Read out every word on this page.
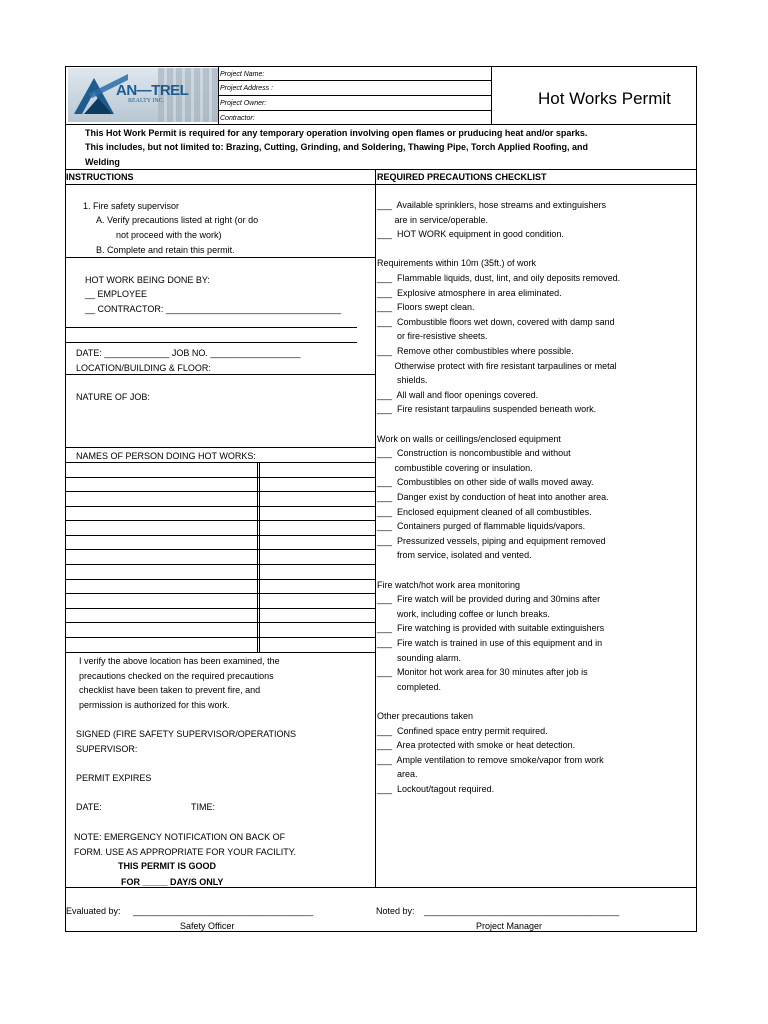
AN—TREL
REALTY INC.
Project Name:
Project Address :
Project Owner:
Contractor:
Hot Works Permit
This Hot Work Permit is required for any temporary operation involving open flames or pruducing heat and/or sparks.
This includes, but not limited to: Brazing, Cutting, Grinding, and Soldering, Thawing Pipe, Torch Applied Roofing, and
Welding
INSTRUCTIONS	REQUIRED PRECAUTIONS CHECKLIST
1. Fire safety supervisor
A. Verify precautions listed at right (or do
not proceed with the work)
B. Complete and retain this permit.
HOT WORK BEING DONE BY:
__ EMPLOYEE
__ CONTRACTOR: ___________________________________
DATE: _____________ JOB NO. __________________
LOCATION/BUILDING & FLOOR:
NATURE OF JOB:
NAMES OF PERSON DOING HOT WORKS:
I verify the above location has been examined, the
precautions checked on the required precautions
checklist have been taken to prevent fire, and
permission is authorized for this work.
SIGNED (FIRE SAFETY SUPERVISOR/OPERATIONS
SUPERVISOR:
PERMIT EXPIRES
DATE:	TIME:
NOTE: EMERGENCY NOTIFICATION ON BACK OF
FORM. USE AS APPROPRIATE FOR YOUR FACILITY.
THIS PERMIT IS GOOD
FOR _____ DAY/S ONLY
___  Available sprinklers, hose streams and extinguishers
are in service/operable.
___  HOT WORK equipment in good condition.
Requirements within 10m (35ft.) of work
___  Flammable liquids, dust, lint, and oily deposits removed.
___  Explosive atmosphere in area eliminated.
___  Floors swept clean.
___  Combustible floors wet down, covered with damp sand
or fire-resistive sheets.
___  Remove other combustibles where possible.
Otherwise protect with fire resistant tarpaulines or metal
shields.
___  All wall and floor openings covered.
___  Fire resistant tarpaulins suspended beneath work.
Work on walls or ceillings/enclosed equipment
___  Construction is noncombustible and without
combustible covering or insulation.
___  Combustibles on other side of walls moved away.
___  Danger exist by conduction of heat into another area.
___  Enclosed equipment cleaned of all combustibles.
___  Containers purged of flammable liquids/vapors.
___  Pressurized vessels, piping and equipment removed
from service, isolated and vented.
Fire watch/hot work area monitoring
___  Fire watch will be provided during and 30mins after
work, including coffee or lunch breaks.
___  Fire watching is provided with suitable extinguishers
___  Fire watch is trained in use of this equipment and in
sounding alarm.
___  Monitor hot work area for 30 minutes after job is
completed.
Other precautions taken
___  Confined space entry permit required.
___  Area protected with smoke or heat detection.
___  Ample ventilation to remove smoke/vapor from work
area.
___  Lockout/tagout required.
Evaluated by: ____________________________________
Safety Officer
Noted by: _______________________________________
Project Manager
